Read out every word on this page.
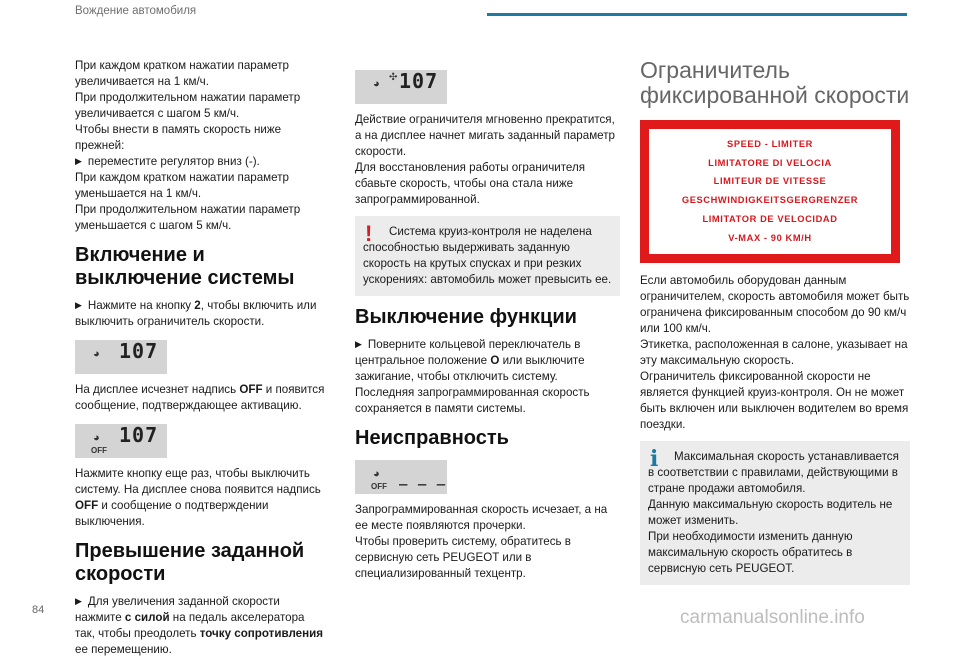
Вождение автомобиля

При каждом кратком нажатии параметр увеличивается на 1 км/ч.

При продолжительном нажатии параметр увеличивается с шагом 5 км/ч.

Чтобы внести в память скорость ниже прежней:

▶ переместите регулятор вниз (-).

При каждом кратком нажатии параметр уменьшается на 1 км/ч.

При продолжительном нажатии параметр уменьшается с шагом 5 км/ч.

Включение и выключение системы

▶ Нажмите на кнопку 2, чтобы включить или выключить ограничитель скорости.

◕ 107

На дисплее исчезнет надпись OFF и появится сообщение, подтверждающее активацию.

◕
OFF
107

Нажмите кнопку еще раз, чтобы выключить систему. На дисплее снова появится надпись OFF и сообщение о подтверждении выключения.

Превышение заданной скорости

▶ Для увеличения заданной скорости нажмите с силой на педаль акселератора так, чтобы преодолеть точку сопротивления ее перемещению.

◕
✣ 107

Действие ограничителя мгновенно прекратится, а на дисплее начнет мигать заданный параметр скорости.

Для восстановления работы ограничителя сбавьте скорость, чтобы она стала ниже запрограммированной.

!	Система круиз-контроля не наделена способностью выдерживать заданную скорость на крутых спусках и при резких ускорениях: автомобиль может превысить ее.

Выключение функции

▶ Поверните кольцевой переключатель в центральное положение O или выключите зажигание, чтобы отключить систему.

Последняя запрограммированная скорость сохраняется в памяти системы.

Неисправность
◕
OFF
_ _ _

Запрограммированная скорость исчезает, а на ее месте появляются прочерки.

Чтобы проверить систему, обратитесь в сервисную сеть PEUGEOT или в специализированный техцентр.

Ограничитель фиксированной скорости
SPEED - LIMITER
LIMITATORE DI VELOCIA
LIMITEUR DE VITESSE
GESCHWINDIGKEITSGERGRENZER
LIMITATOR DE VELOCIDAD
V-MAX - 90 KM/H

Если автомобиль оборудован данным ограничителем, скорость автомобиля может быть ограничена фиксированным способом до 90 км/ч или 100 км/ч.

Этикетка, расположенная в салоне, указывает на эту максимальную скорость.

Ограничитель фиксированной скорости не является функцией круиз-контроля. Он не может быть включен или выключен водителем во время поездки.

i	Максимальная скорость устанавливается в соответствии с правилами, действующими в стране продажи автомобиля.

Данную максимальную скорость водитель не может изменить.

При необходимости изменить данную максимальную скорость обратитесь в сервисную сеть PEUGEOT.

84	carmanualsonline.info
